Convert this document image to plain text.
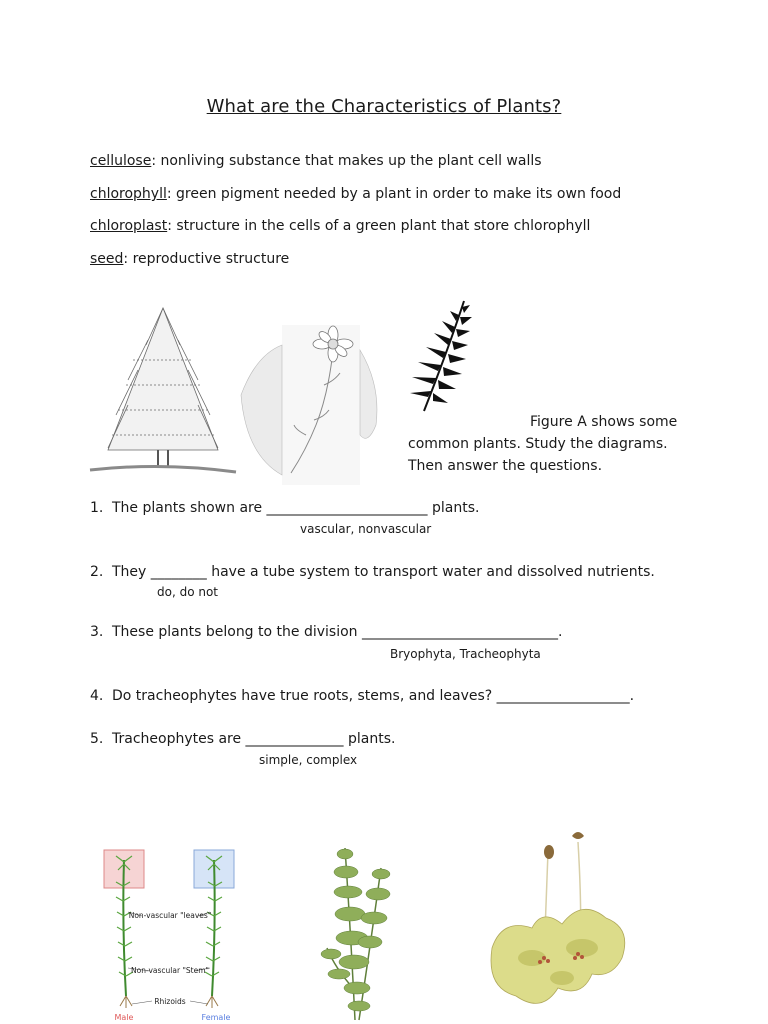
What are the Characteristics of Plants?
cellulose: nonliving substance that makes up the plant cell walls
chlorophyll: green pigment needed by a plant in order to make its own food
chloroplast: structure in the cells of a green plant that store chlorophyll
seed: reproductive structure
Figure A shows some
common plants. Study the diagrams.
Then answer the questions.
1. The plants shown are _______________________ plants.
vascular, nonvascular
2. They ________ have a tube system to transport water and dissolved nutrients.
do, do not
3. These plants belong to the division ____________________________.
Bryophyta, Tracheophyta
4. Do tracheophytes have true roots, stems, and leaves? ___________________.
5. Tracheophytes are ______________ plants.
simple, complex
Non-vascular "leaves"
Non-vascular "Stem"
Rhizoids
Male	Female
